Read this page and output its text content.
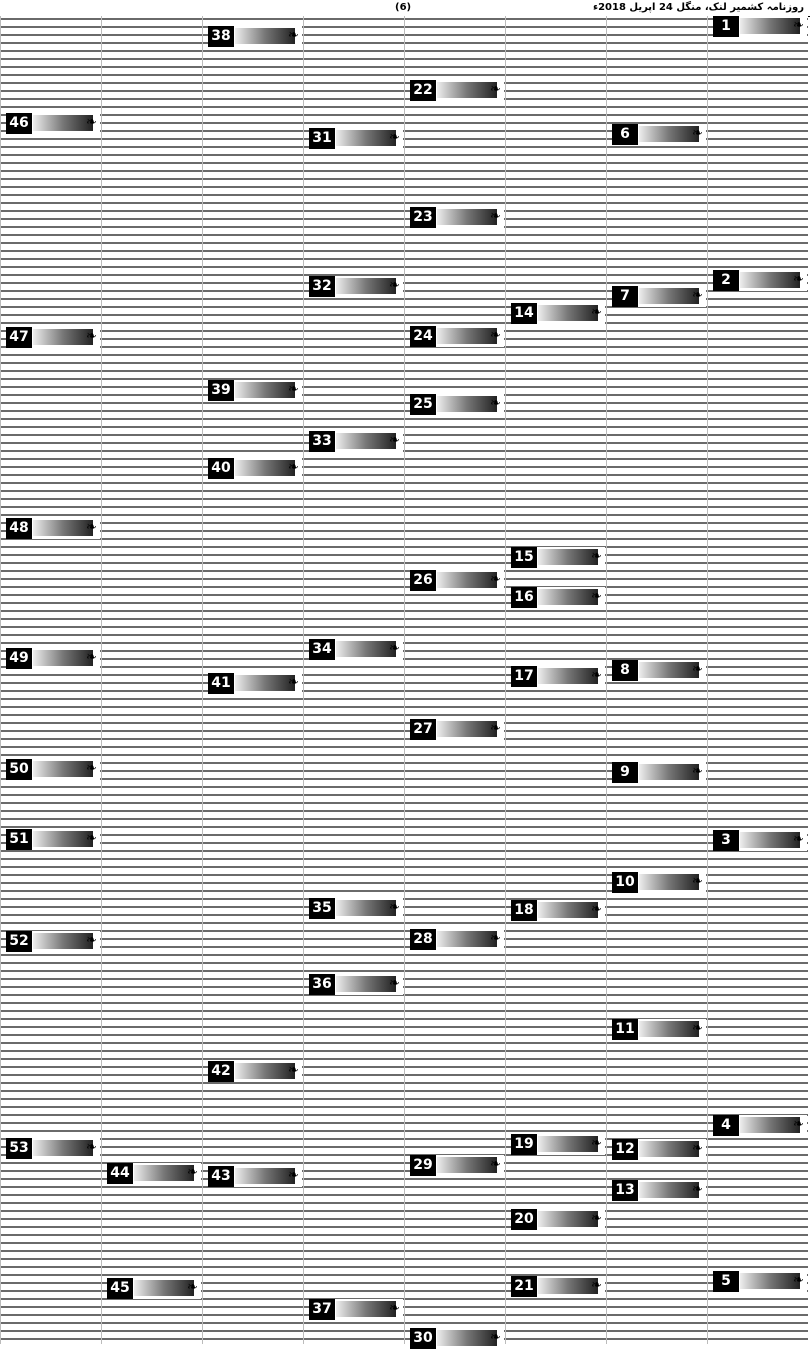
روزنامہ کشمیر لنک، منگل 24 اپریل 2018ء
(6)
1	❧
2	❧
3	❧
4	❧
5	❧
6	❧
7	❧
8	❧
9	❧
10	❧
11	❧
12	❧
13	❧
14	❧
15	❧
16	❧
17	❧
18	❧
19	❧
20	❧
21	❧
22	❧
23	❧
24	❧
25	❧
26	❧
27	❧
28	❧
29	❧
30	❧
31	❧
32	❧
33	❧
34	❧
35	❧
36	❧
37	❧
38	❧
39	❧
40	❧
41	❧
42	❧
43	❧
44	❧
45	❧
46	❧
47	❧
48	❧
49	❧
50	❧
51	❧
52	❧
53	❧
